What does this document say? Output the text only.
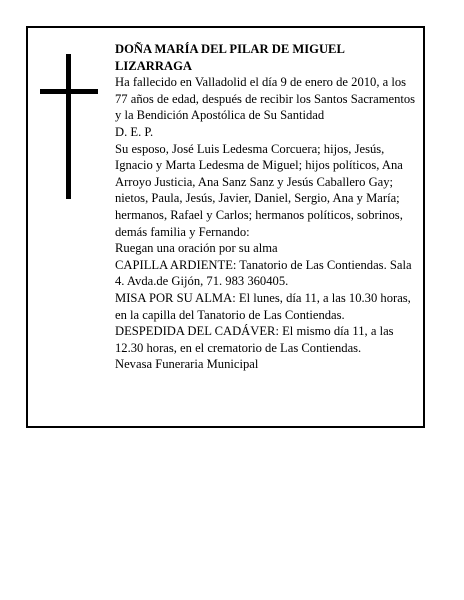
DOÑA MARÍA DEL PILAR DE MIGUEL LIZARRAGA

Ha fallecido en Valladolid el día 9 de enero de 2010, a los 77 años de edad, después de recibir los Santos Sacramentos y la Bendición Apostólica de Su Santidad

D. E. P.

Su esposo, José Luis Ledesma Corcuera; hijos, Jesús, Ignacio y Marta Ledesma de Miguel; hijos políticos, Ana Arroyo Justicia, Ana Sanz Sanz y Jesús Caballero Gay; nietos, Paula, Jesús, Javier, Daniel, Sergio, Ana y María; hermanos, Rafael y Carlos; hermanos políticos, sobrinos, demás familia y Fernando:

Ruegan una oración por su alma

CAPILLA ARDIENTE: Tanatorio de Las Contiendas. Sala 4. Avda.de Gijón, 71. 983 360405.

MISA POR SU ALMA: El lunes, día 11, a las 10.30 horas, en la capilla del Tanatorio de Las Contiendas.

DESPEDIDA DEL CADÁVER: El mismo día 11, a las 12.30 horas, en el crematorio de Las Contiendas.

Nevasa Funeraria Municipal
